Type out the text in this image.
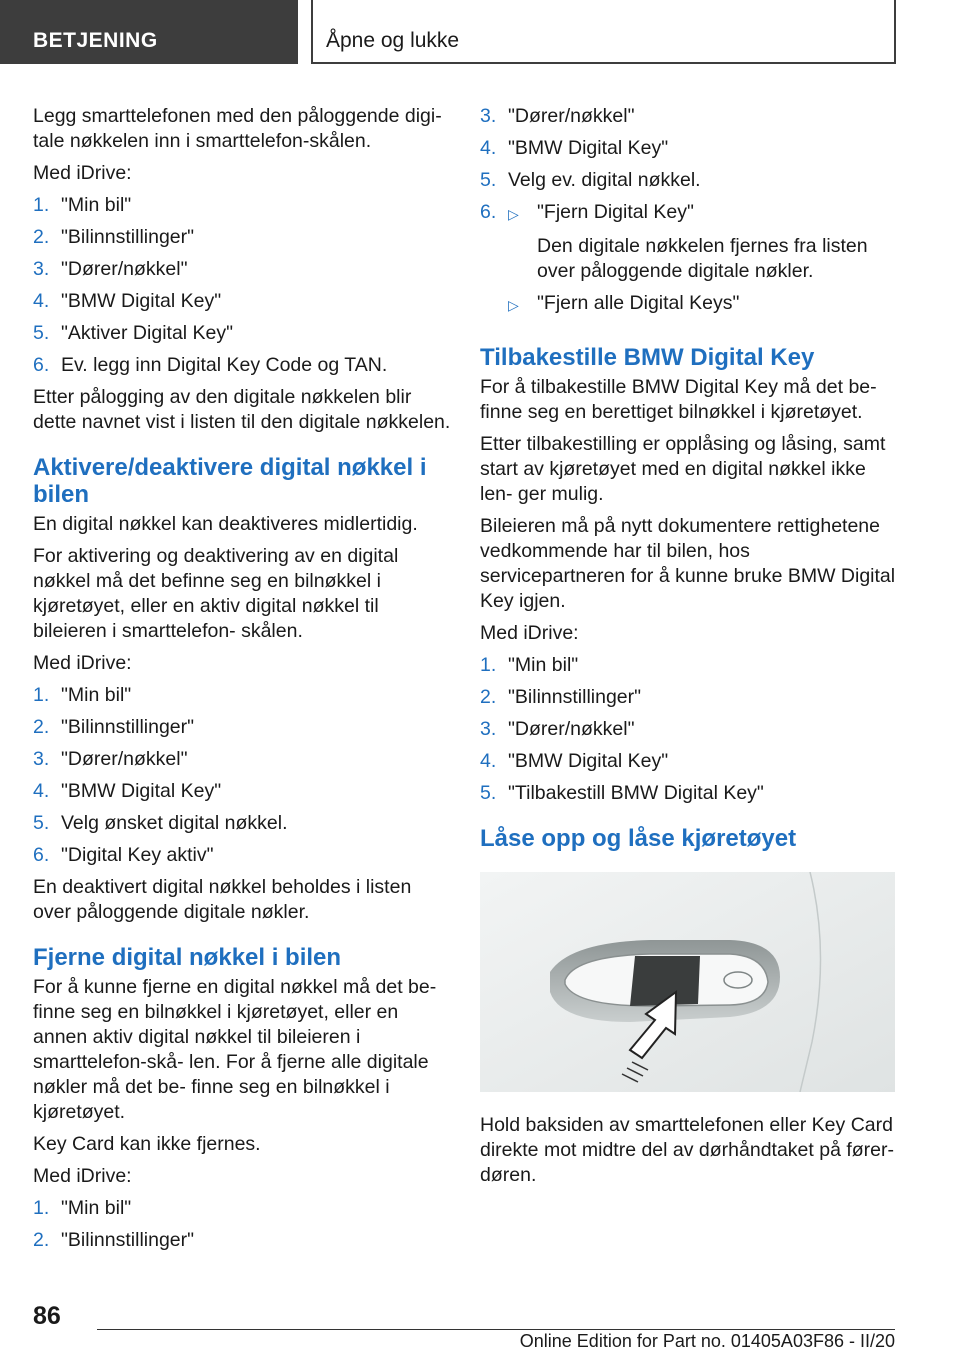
BETJENING	Åpne og lukke

Legg smarttelefonen med den påloggende digi- tale nøkkelen inn i smarttelefon-skålen.

Med iDrive:

1. "Min bil"
2. "Bilinnstillinger"
3. "Dører/nøkkel"
4. "BMW Digital Key"
5. "Aktiver Digital Key"
6. Ev. legg inn Digital Key Code og TAN.

Etter pålogging av den digitale nøkkelen blir dette navnet vist i listen til den digitale nøkkelen.

Aktivere/deaktivere digital nøkkel i bilen

En digital nøkkel kan deaktiveres midlertidig.

For aktivering og deaktivering av en digital nøkkel må det befinne seg en bilnøkkel i kjøretøyet, eller en aktiv digital nøkkel til bileieren i smarttelefon- skålen.

Med iDrive:

1. "Min bil"
2. "Bilinnstillinger"
3. "Dører/nøkkel"
4. "BMW Digital Key"
5. Velg ønsket digital nøkkel.
6. "Digital Key aktiv"

En deaktivert digital nøkkel beholdes i listen over påloggende digitale nøkler.

Fjerne digital nøkkel i bilen

For å kunne fjerne en digital nøkkel må det be- finne seg en bilnøkkel i kjøretøyet, eller en annen aktiv digital nøkkel til bileieren i smarttelefon-skå- len. For å fjerne alle digitale nøkler må det be- finne seg en bilnøkkel i kjøretøyet.

Key Card kan ikke fjernes.

Med iDrive:

1. "Min bil"
2. "Bilinnstillinger"
3. "Dører/nøkkel"
4. "BMW Digital Key"
5. Velg ev. digital nøkkel.
6. ▷ "Fjern Digital Key"
Den digitale nøkkelen fjernes fra listen over påloggende digitale nøkler.
▷ "Fjern alle Digital Keys"
Tilbakestille BMW Digital Key

For å tilbakestille BMW Digital Key må det be- finne seg en berettiget bilnøkkel i kjøretøyet.

Etter tilbakestilling er opplåsing og låsing, samt start av kjøretøyet med en digital nøkkel ikke len- ger mulig.

Bileieren må på nytt dokumentere rettighetene vedkommende har til bilen, hos servicepartneren for å kunne bruke BMW Digital Key igjen.

Med iDrive:

1. "Min bil"
2. "Bilinnstillinger"
3. "Dører/nøkkel"
4. "BMW Digital Key"
5. "Tilbakestill BMW Digital Key"
Låse opp og låse kjøretøyet

Hold baksiden av smarttelefonen eller Key Card direkte mot midtre del av dørhåndtaket på fører- døren.

86
Online Edition for Part no. 01405A03F86 - II/20
